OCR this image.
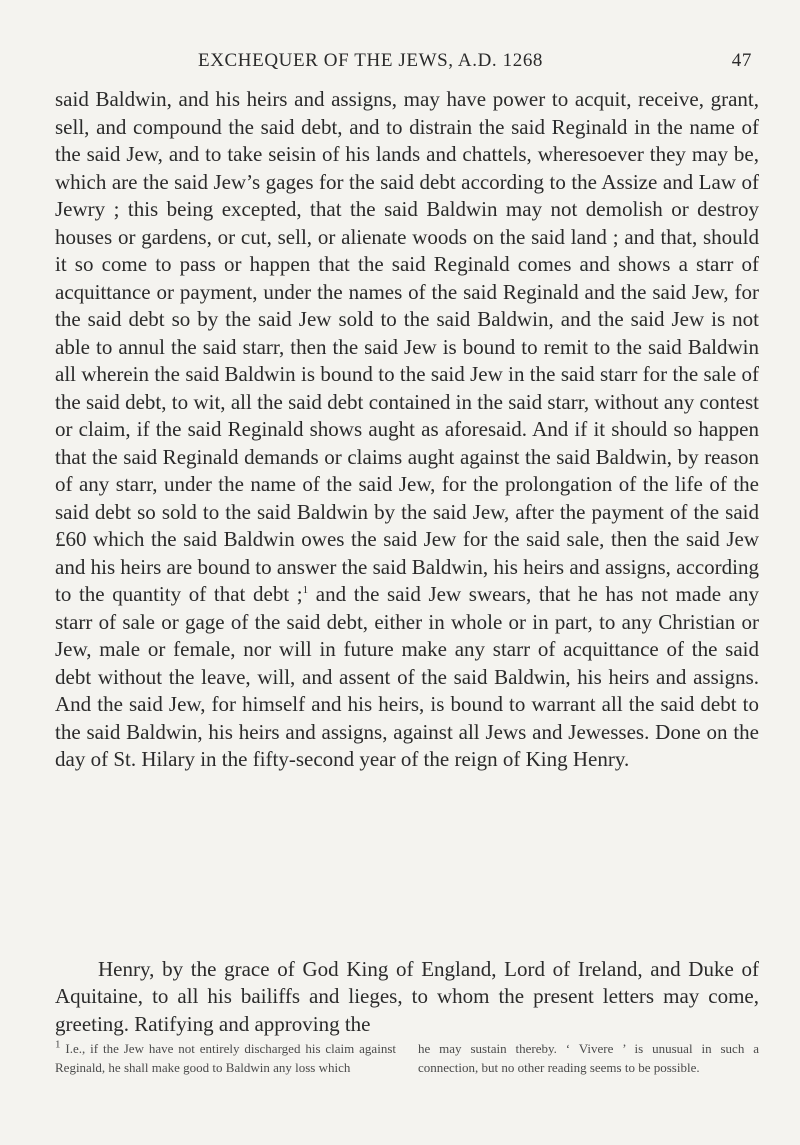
EXCHEQUER OF THE JEWS, A.D. 1268	47

said Baldwin, and his heirs and assigns, may have power to acquit, receive, grant, sell, and compound the said debt, and to distrain the said Reginald in the name of the said Jew, and to take seisin of his lands and chattels, wheresoever they may be, which are the said Jew’s gages for the said debt according to the Assize and Law of Jewry ; this being excepted, that the said Baldwin may not demolish or destroy houses or gardens, or cut, sell, or alienate woods on the said land ; and that, should it so come to pass or happen that the said Reginald comes and shows a starr of acquittance or payment, under the names of the said Reginald and the said Jew, for the said debt so by the said Jew sold to the said Baldwin, and the said Jew is not able to annul the said starr, then the said Jew is bound to remit to the said Baldwin all wherein the said Baldwin is bound to the said Jew in the said starr for the sale of the said debt, to wit, all the said debt contained in the said starr, without any contest or claim, if the said Reginald shows aught as aforesaid. And if it should so happen that the said Reginald demands or claims aught against the said Baldwin, by reason of any starr, under the name of the said Jew, for the prolongation of the life of the said debt so sold to the said Baldwin by the said Jew, after the payment of the said £60 which the said Baldwin owes the said Jew for the said sale, then the said Jew and his heirs are bound to answer the said Baldwin, his heirs and assigns, according to the quantity of that debt ;$^1$ and the said Jew swears, that he has not made any starr of sale or gage of the said debt, either in whole or in part, to any Christian or Jew, male or female, nor will in future make any starr of acquittance of the said debt without the leave, will, and assent of the said Baldwin, his heirs and assigns. And the said Jew, for himself and his heirs, is bound to warrant all the said debt to the said Baldwin, his heirs and assigns, against all Jews and Jewesses. Done on the day of St. Hilary in the fifty-second year of the reign of King Henry.

Henry, by the grace of God King of England, Lord of Ireland, and Duke of Aquitaine, to all his bailiffs and lieges, to whom the present letters may come, greeting. Ratifying and approving the

$^1$ I.e., if the Jew have not entirely discharged his claim against Reginald, he shall make good to Baldwin any loss which

he may sustain thereby. ‘ Vivere ’ is unusual in such a connection, but no other reading seems to be possible.
